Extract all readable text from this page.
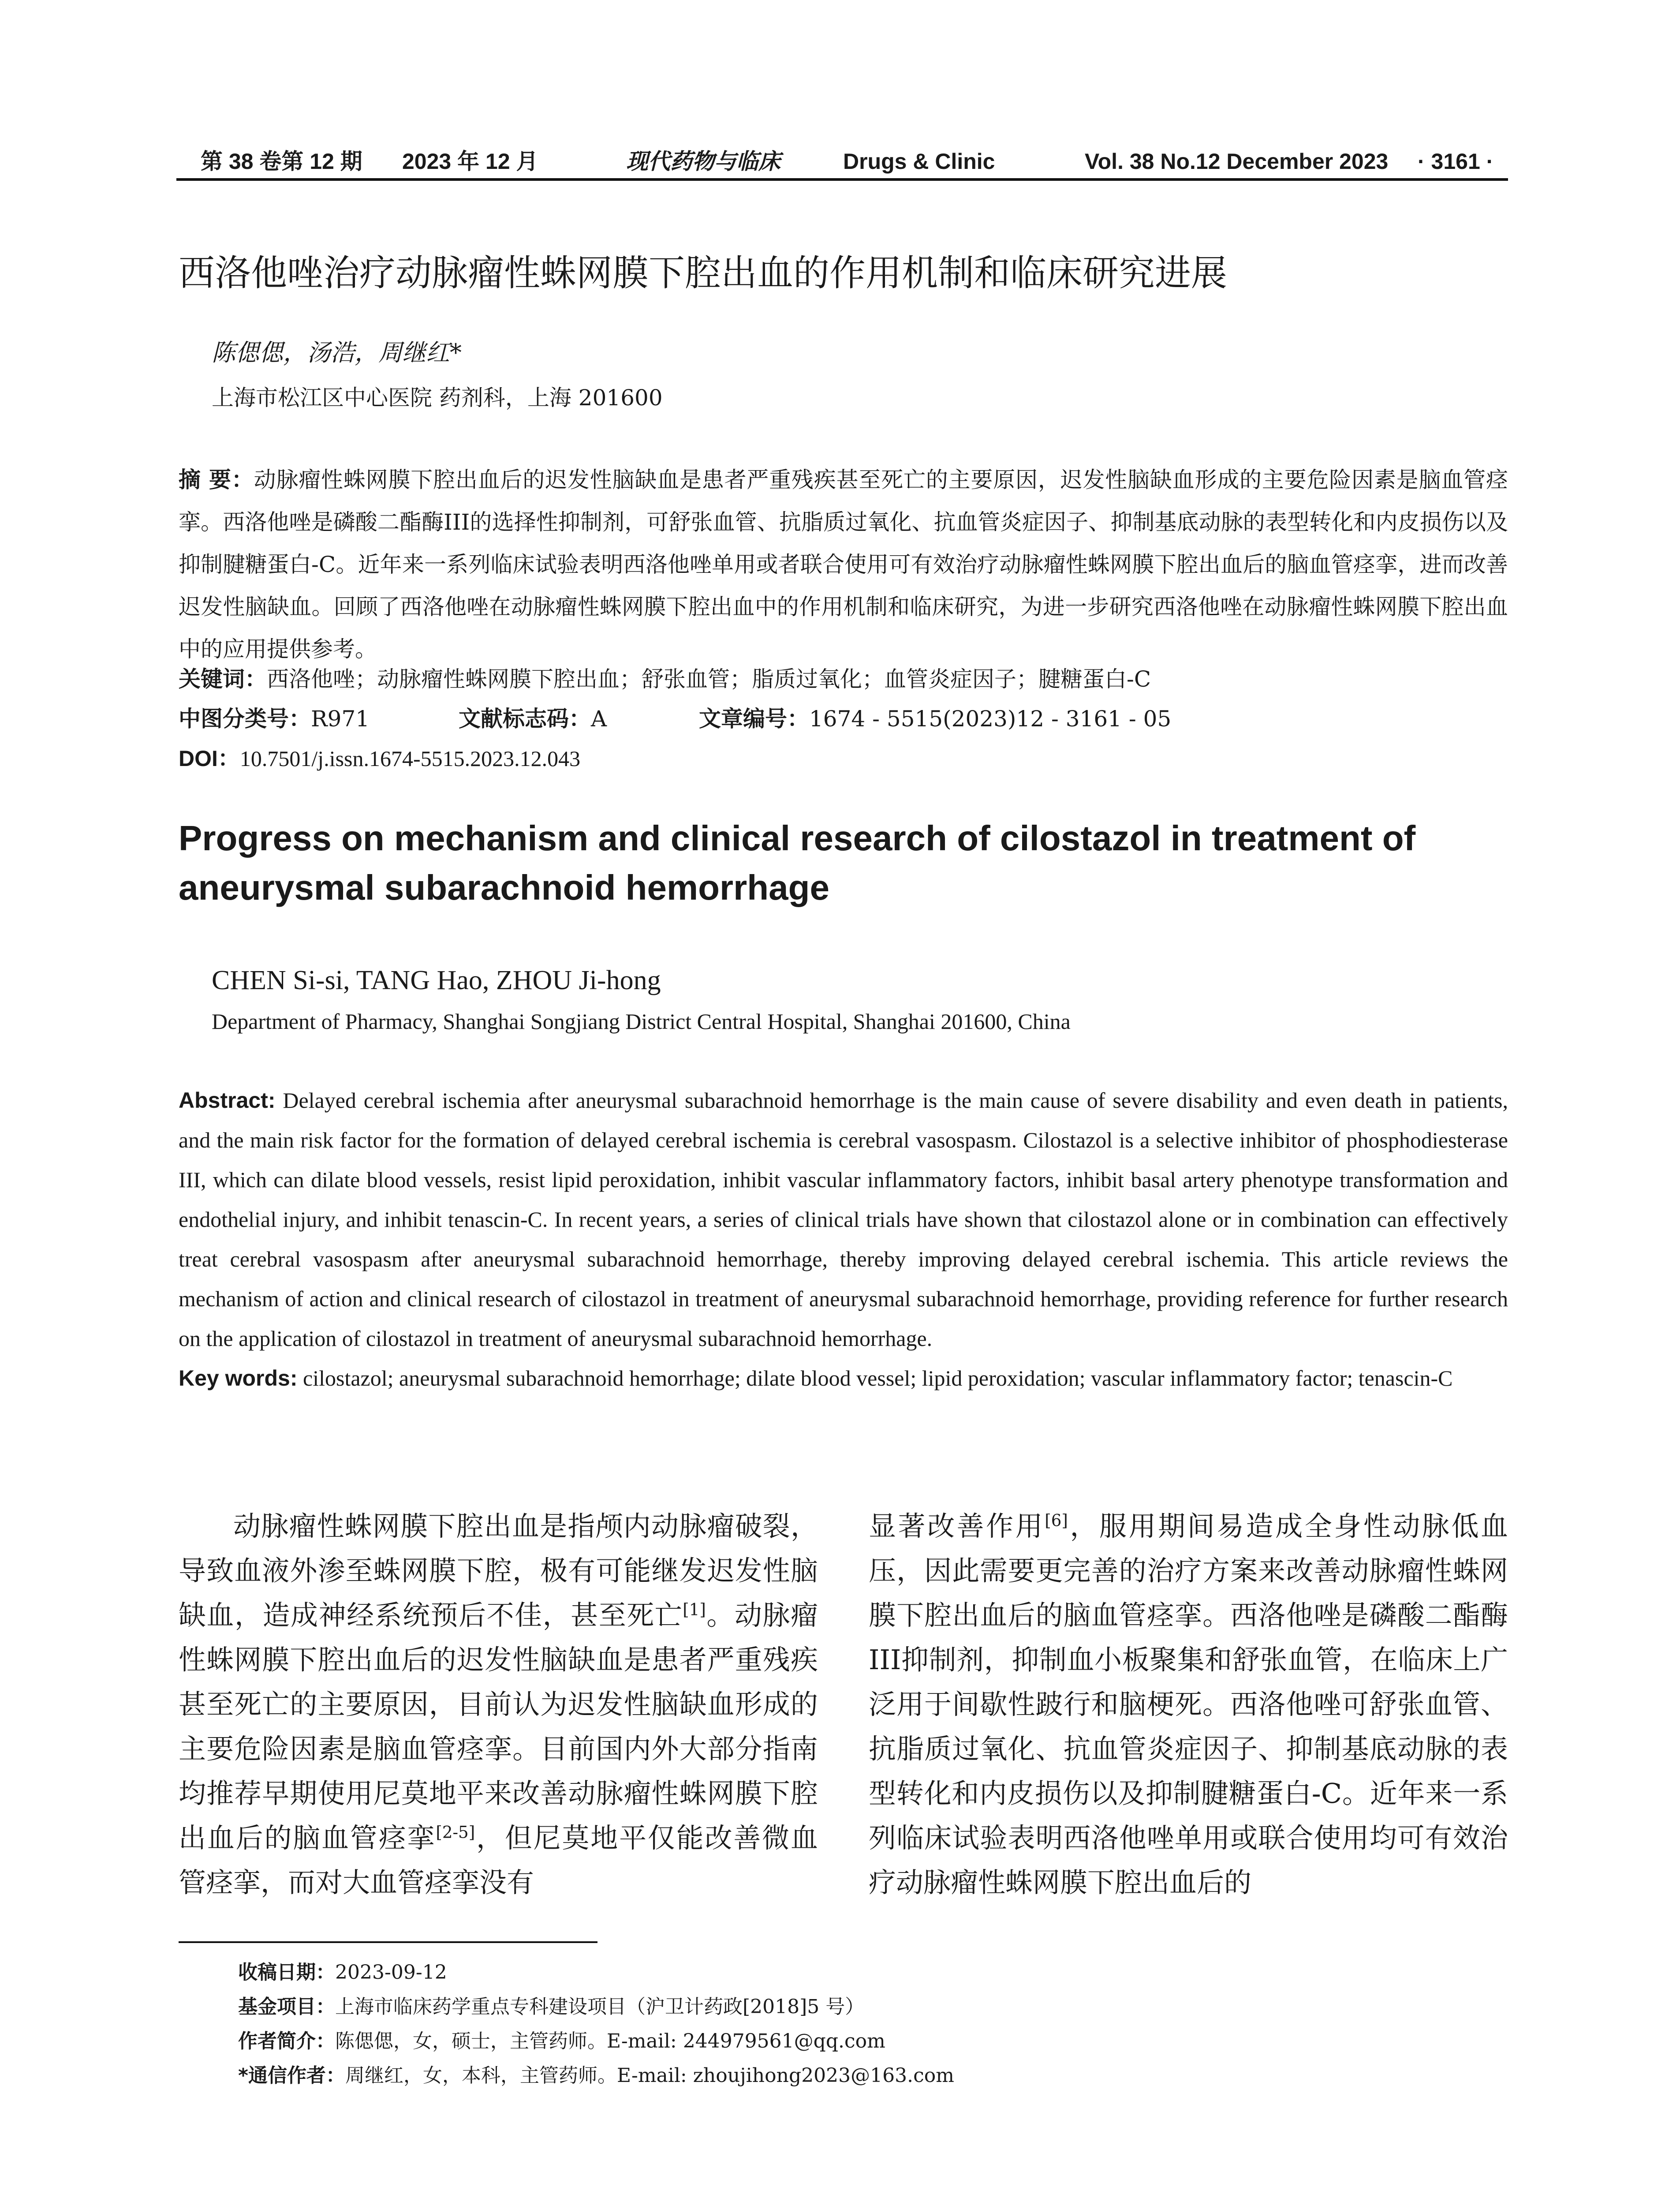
第 38 卷第 12 期 2023 年 12 月	现代药物与临床	Drugs & Clinic	Vol. 38 No.12 December 2023 · 3161 ·
西洛他唑治疗动脉瘤性蛛网膜下腔出血的作用机制和临床研究进展
陈偲偲，汤浩，周继红*
上海市松江区中心医院 药剂科，上海 201600
摘 要：动脉瘤性蛛网膜下腔出血后的迟发性脑缺血是患者严重残疾甚至死亡的主要原因，迟发性脑缺血形成的主要危险因素是脑血管痉挛。西洛他唑是磷酸二酯酶III的选择性抑制剂，可舒张血管、抗脂质过氧化、抗血管炎症因子、抑制基底动脉的表型转化和内皮损伤以及抑制腱糖蛋白-C。近年来一系列临床试验表明西洛他唑单用或者联合使用可有效治疗动脉瘤性蛛网膜下腔出血后的脑血管痉挛，进而改善迟发性脑缺血。回顾了西洛他唑在动脉瘤性蛛网膜下腔出血中的作用机制和临床研究，为进一步研究西洛他唑在动脉瘤性蛛网膜下腔出血中的应用提供参考。
关键词：西洛他唑；动脉瘤性蛛网膜下腔出血；舒张血管；脂质过氧化；血管炎症因子；腱糖蛋白-C
中图分类号：R971	文献标志码：A	文章编号：1674 - 5515(2023)12 - 3161 - 05
DOI：10.7501/j.issn.1674-5515.2023.12.043
Progress on mechanism and clinical research of cilostazol in treatment of aneurysmal subarachnoid hemorrhage
CHEN Si-si, TANG Hao, ZHOU Ji-hong
Department of Pharmacy, Shanghai Songjiang District Central Hospital, Shanghai 201600, China
Abstract: Delayed cerebral ischemia after aneurysmal subarachnoid hemorrhage is the main cause of severe disability and even death in patients, and the main risk factor for the formation of delayed cerebral ischemia is cerebral vasospasm. Cilostazol is a selective inhibitor of phosphodiesterase III, which can dilate blood vessels, resist lipid peroxidation, inhibit vascular inflammatory factors, inhibit basal artery phenotype transformation and endothelial injury, and inhibit tenascin-C. In recent years, a series of clinical trials have shown that cilostazol alone or in combination can effectively treat cerebral vasospasm after aneurysmal subarachnoid hemorrhage, thereby improving delayed cerebral ischemia. This article reviews the mechanism of action and clinical research of cilostazol in treatment of aneurysmal subarachnoid hemorrhage, providing reference for further research on the application of cilostazol in treatment of aneurysmal subarachnoid hemorrhage.
Key words: cilostazol; aneurysmal subarachnoid hemorrhage; dilate blood vessel; lipid peroxidation; vascular inflammatory factor; tenascin-C

动脉瘤性蛛网膜下腔出血是指颅内动脉瘤破裂，导致血液外渗至蛛网膜下腔，极有可能继发迟发性脑缺血，造成神经系统预后不佳，甚至死亡[1]。动脉瘤性蛛网膜下腔出血后的迟发性脑缺血是患者严重残疾甚至死亡的主要原因，目前认为迟发性脑缺血形成的主要危险因素是脑血管痉挛。目前国内外大部分指南均推荐早期使用尼莫地平来改善动脉瘤性蛛网膜下腔出血后的脑血管痉挛[2-5]，但尼莫地平仅能改善微血管痉挛，而对大血管痉挛没有

显著改善作用[6]，服用期间易造成全身性动脉低血压，因此需要更完善的治疗方案来改善动脉瘤性蛛网膜下腔出血后的脑血管痉挛。西洛他唑是磷酸二酯酶III抑制剂，抑制血小板聚集和舒张血管，在临床上广泛用于间歇性跛行和脑梗死。西洛他唑可舒张血管、抗脂质过氧化、抗血管炎症因子、抑制基底动脉的表型转化和内皮损伤以及抑制腱糖蛋白-C。近年来一系列临床试验表明西洛他唑单用或联合使用均可有效治疗动脉瘤性蛛网膜下腔出血后的

收稿日期：2023-09-12
基金项目：上海市临床药学重点专科建设项目（沪卫计药政[2018]5 号）
作者简介：陈偲偲，女，硕士，主管药师。E-mail: 244979561@qq.com
*通信作者：周继红，女，本科，主管药师。E-mail: zhoujihong2023@163.com
